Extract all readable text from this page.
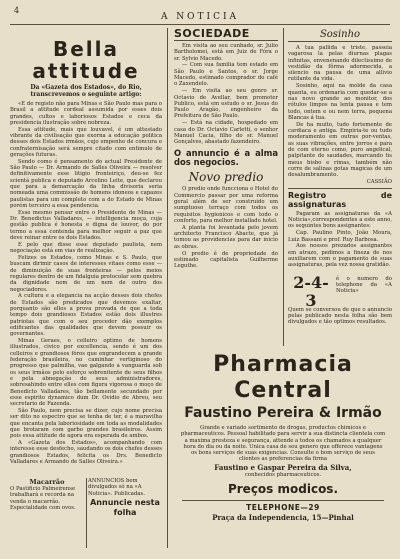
4
A NOTICIA
Bella attitude
Da «Gazeta dos Estados», do Rio, transcrevemos o seguinte artigo:

«E de registo não para Minas e São Paulo mas para o Brasil a attitude cordeal assumida por esses dois grandes, cultos e laboriosos Estados e ceca da presidencia ilustração sobre nobreza.

Essa attitude, mais que louvavel, é um attestado vibrante da civilisação que exorna a educação politica desses dois Estados irmãos, cujo empenho de concura e confraternisação será sempre citado com entimulo de gerações futuras.

Sendo como é pensamento do actual Presidente de São Paulo — Dr. Armando de Salles Oliveira — resolver definitivamente esse litigio fronteiriço, deu-se fez scientá publica e deputado Arcelino Leite, que declarou que para a demarcação da linha divisoria seria nomeada uma commissão de homens idoneos e capazes paulistas para um completo com a do Estado de Minas porém terceiro a essa pendencia.

Esse mesmo pensar entre o Presidente de Minas — Dr. Benedictus Valladares, — intelligencia moça, cuja gestão publica é honesta e digna de louvor, do por termo a essa contenda para melhor seguir a paz que deve reinar entre os dois Estados.

E pelo que disse esse deputado paulista, nem negociação está em vias de realização.

Felizes os Estados, como Minas e S. Paulo, que buscam dirimir casos de interesses vitaes como esse — de diminuição de suas fronteiras — pelos meios regulares dentro de um fidalguia protocolar sem quebra da dignidade nem de um nem de outro dos negociadores.

A cultura e a elegancia na acção desses dois chefes de Estados são predicados que devemos exaltar, porquanto são elles a prova provada de que a toda tempo dois grandiosos Estados estão dois illustres patriotas que com o seu proceder dão exemplos edificantes das qualidades que devem possuir os governantes.

Minas Geraes, o celleiro optimo de homens illustrados, civico por excellencia, sendo é um dos celleiros e grandiosos fóros que engrandecem a grande federação brasileira, no caminhar vertiginoso do progresso que palmilha, vae galgando a vanguarda sob os seus irmãos pelo esforço sobrenitente de seus filhos e pela abnegação de seus administradores, sobresahindo entre elles com figura vigorosa o moço de Benedicto Valladares, tão bellamente secundado por esse espirito dynamico dum Dr. Ovidio de Abreu, seu secretario de Fazenda.

São Paulo, nem precisa se dizer, cujo nome precisa ser dito no espectro que se tenha de ter, é a maravilha que encanta pela laboriosidade em toda as modalidades que brotaram com garbo grandes brasileiros. Assim pois essa attitude de agora era esperada de ambos.

A «Gazeta dos Estados», acompanhando com interesse esse desfecho, saudando os dois chefes desses grandiosos Estados, felicita os Drs. Benedicto Valladares e Armando de Salles Oliveira.»

Macarrão
O Pastificio Palmeirense trabalhará e recorda na venda o macarrão. Especialidade com ovos.
ANNUNCIOS bem divulgados só na «A Noticia». Publicadas.
Annuncie nesta folha
SOCIEDADE

Em visita ao seu cunhado, sr. Julio Bartholomei, está em Juiz de Fóra o sr. Sylvio Macedo.

— Com sua familia tem estado em São Paulo e Santos, o sr. Jorge Macedo, estimado comprador do café o Zaxendelo.

— Em visita ao seu genro sr. Octavio de Avellar, bem promoter Publico, está em estudo o sr. Jesus do Paulo Aragão, engenheiro da Prefeitura de São Paulo.

— Está na cidade, hospedado em casa do Dr. Octavio Carletti, o senhor Manuel Cacia, filho do sr. Manuel Gonçalves, abastado fazendeiro.

O annuncio é a alma dos negocios.
Novo predio

O predio onde funcciona o Hotel do Commercio passar por uma reforma geral além de ser construido um sumptuoso terraço com todos os requisitos hygienicos e com todo o conforto, para melhor installado hotel.

A planta foi levantada pelo jovem architecto Francisco Abacte, que já tomou as providencias para dar inicio as obras.

O predio é de propriedade do estimado capitalista Guilherme Leguthe.

Sosinho

A tua pallida e triste, passeia vagarosa la pelas diurnas plagas infinitas, envenenando dilectissimo de vestidão da fôrma adormecida, a silencio na pausa de uma allivio rutilante da vida.

Sosinho, aqui na molde da casa quanta, eu ordenaria com quedar-se a nas novo grande ao monitor, dos rótulos limpos na lenta pausa e tem todo, ontem e ou nem terra, pequena Blancas á tua.

De ha muito, tudo fortemente de cardiaca e antiga. Empiria-te ou tudo moderamento em outras por-ventas, as suas vibrações, entre jorros e para de com eterno como, puro angelical, palpitante de saudades, marcando tis meus bisbo e rimas, também não corre de salinas gotas magicas de um desalumbramento.

CASSIÃO
Registro de assignaturas

Pagaram as assignaturas da «A Noticia»,correspondentes a este anno, os seguintes bons assignantes:

Cap. Paulino Pinto, João Moura, Luiz Bassani e prof. Ruy Barbosa.

Aos nossos prezados assignantes em atrazo, pedimos a fineza de nos auxiliarem com o pagamento de suas assignaturas, pela vez nossa gratidão.

2-4-3
é o numero do telephone da «A Noticia»
Quem se conversou de que o annuncio pelas publicado nesta folha são bem divulgados e tão optimos resultados.
Pharmacia Central
Faustino Pereira & Irmão
Grande e variado sortimento de drogas, productos chimicos e pharmaceuticos. Pessoal habilitado para servir a sua distincta clientela com a maxima presteza e segurança, attende a todos os chamados a qualquer hora do dia ou da noite. Unica casa de seu genero que offerece vantagens os bons serviços de suas exigencias. Consulte o bom serviço de seus clientes as preferencias da firma
Faustino e Gaspar Pereira da Silva,
conhecidos pharmaceuticos.
Preços modicos.
TELEPHONE—29
Praça da Independencia, 15—Pinhal
